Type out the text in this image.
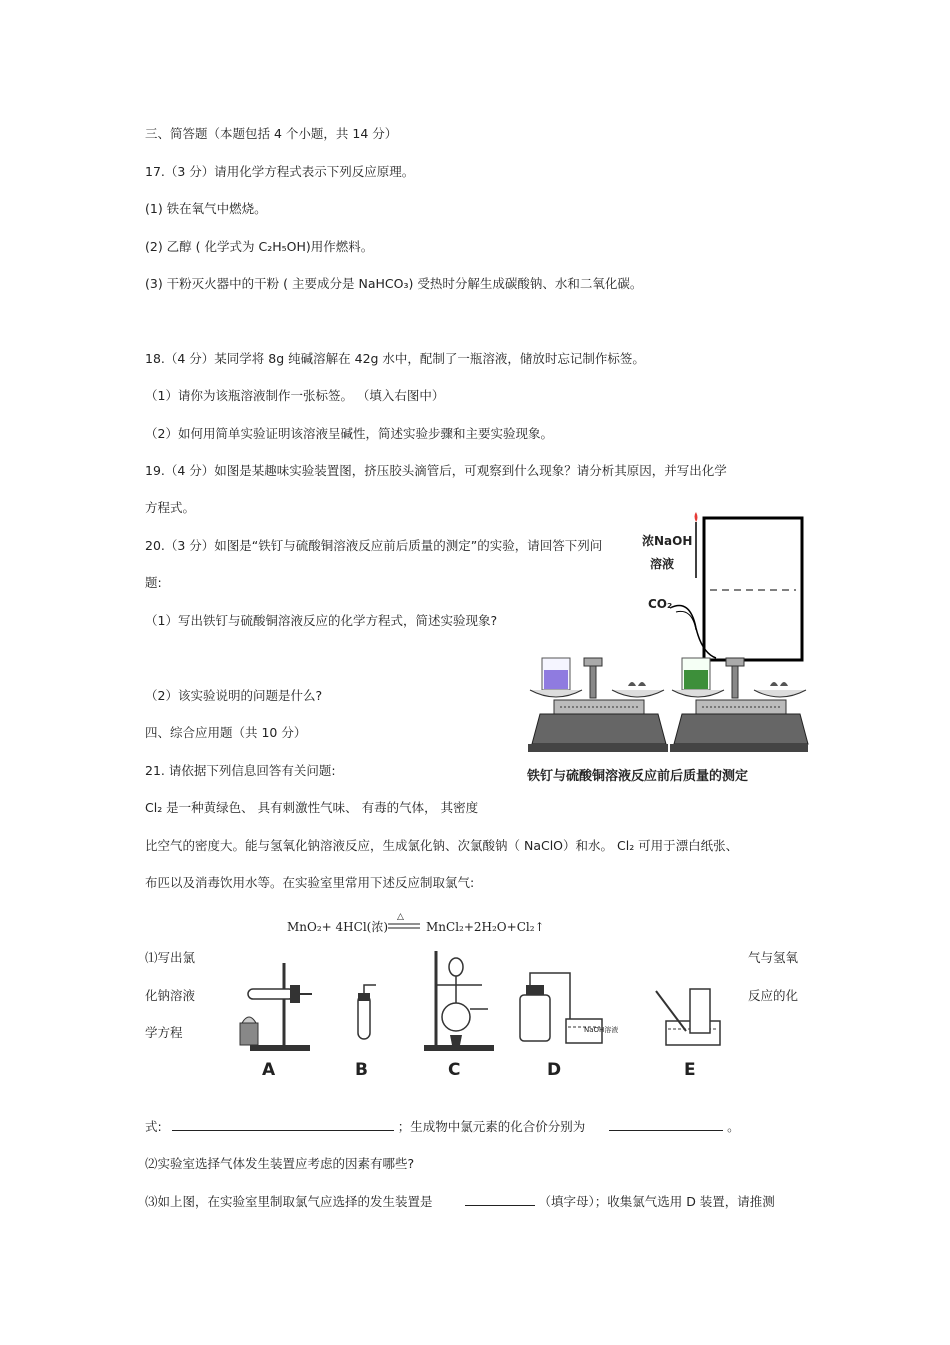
三、简答题（本题包括 4 个小题，共 14 分）
17.（3 分）请用化学方程式表示下列反应原理。
(1) 铁在氧气中燃烧。
(2) 乙醇 ( 化学式为 C₂H₅OH)用作燃料。
(3) 干粉灭火器中的干粉 ( 主要成分是 NaHCO₃) 受热时分解生成碳酸钠、水和二氧化碳。
18.（4 分）某同学将 8g 纯碱溶解在 42g 水中，配制了一瓶溶液，储放时忘记制作标签。
（1）请你为该瓶溶液制作一张标签。 （填入右图中）
（2）如何用简单实验证明该溶液呈碱性，简述实验步骤和主要实验现象。
19.（4 分）如图是某趣味实验装置图，挤压胶头滴管后，可观察到什么现象？请分析其原因，并写出化学
方程式。
20.（3 分）如图是“铁钉与硫酸铜溶液反应前后质量的测定”的实验，请回答下列问
题:
（1）写出铁钉与硫酸铜溶液反应的化学方程式，简述实验现象?
（2）该实验说明的问题是什么?
浓NaOH
溶液
CO₂
铁钉与硫酸铜溶液反应前后质量的测定
四、综合应用题（共 10 分）
21. 请依据下列信息回答有关问题:
Cl₂ 是一种黄绿色、 具有刺激性气味、 有毒的气体， 其密度
比空气的密度大。能与氢氧化钠溶液反应，生成氯化钠、次氯酸钠（ NaClO）和水。 Cl₂ 可用于漂白纸张、
布匹以及消毒饮用水等。在实验室里常用下述反应制取氯气:
MnO₂+ 4HCl(浓)
△
MnCl₂+2H₂O+Cl₂↑
⑴写出氯
化钠溶液
学方程
气与氢氧
反应的化
NaOH溶液
A	B	C	D	E
式:	；生成物中氯元素的化合价分别为	。
⑵实验室选择气体发生装置应考虑的因素有哪些?
⑶如上图，在实验室里制取氯气应选择的发生装置是	（填字母）；收集氯气选用 D 装置，请推测
